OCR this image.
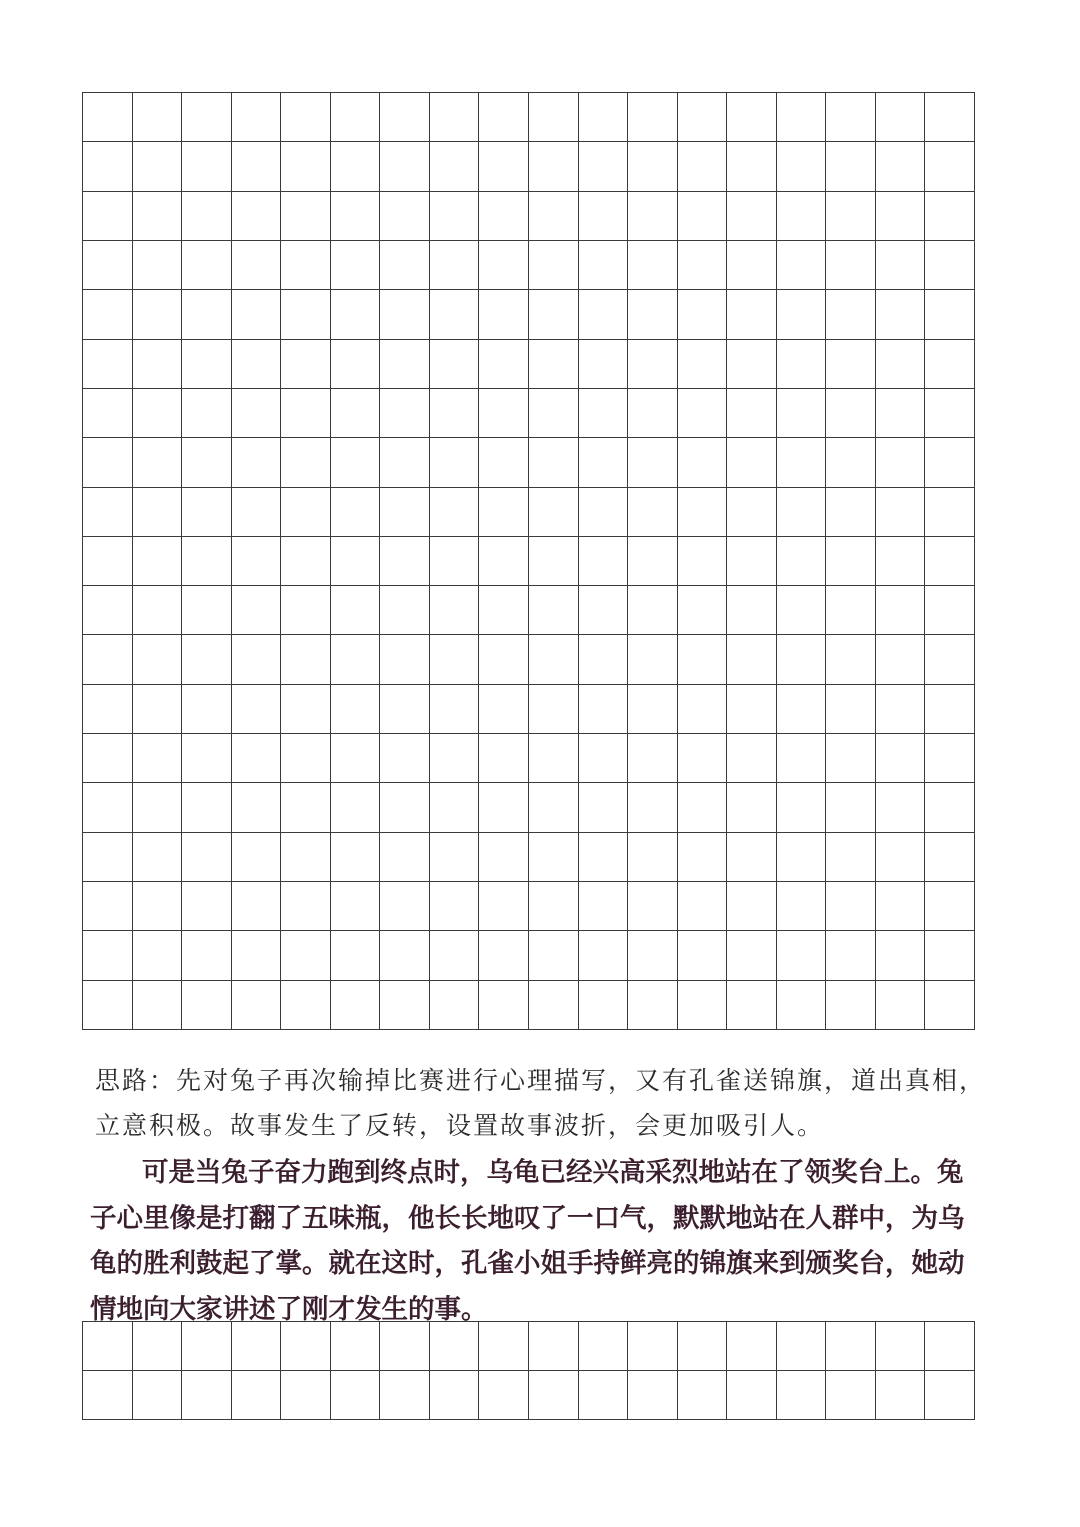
思路：先对兔子再次输掉比赛进行心理描写，又有孔雀送锦旗，道出真相，
立意积极。故事发生了反转，设置故事波折，会更加吸引人。
可是当兔子奋力跑到终点时，乌龟已经兴高采烈地站在了领奖台上。兔
子心里像是打翻了五味瓶，他长长地叹了一口气，默默地站在人群中，为乌
龟的胜利鼓起了掌。就在这时，孔雀小姐手持鲜亮的锦旗来到颁奖台，她动
情地向大家讲述了刚才发生的事。
